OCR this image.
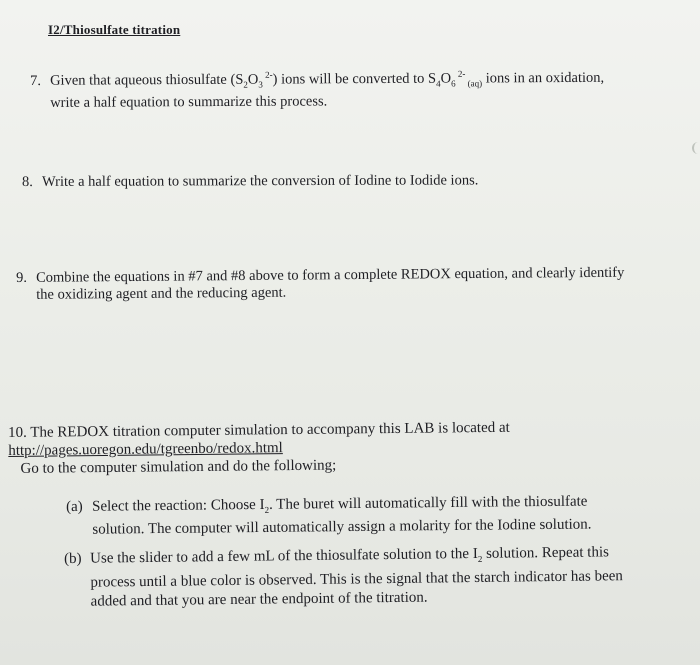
I2/Thiosulfate titration
7. Given that aqueous thiosulfate ($S_2O_3$ $^{2-}$) ions will be converted to $S_4O_6$ $^{2-}$ $_{(aq)}$ ions in an oxidation,
write a half equation to summarize this process.
8. Write a half equation to summarize the conversion of Iodine to Iodide ions.
9. Combine the equations in #7 and #8 above to form a complete REDOX equation, and clearly identify
the oxidizing agent and the reducing agent.
10. The REDOX titration computer simulation to accompany this LAB is located at
http://pages.uoregon.edu/tgreenbo/redox.html
Go to the computer simulation and do the following;
(a) Select the reaction: Choose $I_2$. The buret will automatically fill with the thiosulfate
solution. The computer will automatically assign a molarity for the Iodine solution.
(b) Use the slider to add a few mL of the thiosulfate solution to the $I_2$ solution. Repeat this
process until a blue color is observed. This is the signal that the starch indicator has been
added and that you are near the endpoint of the titration.
